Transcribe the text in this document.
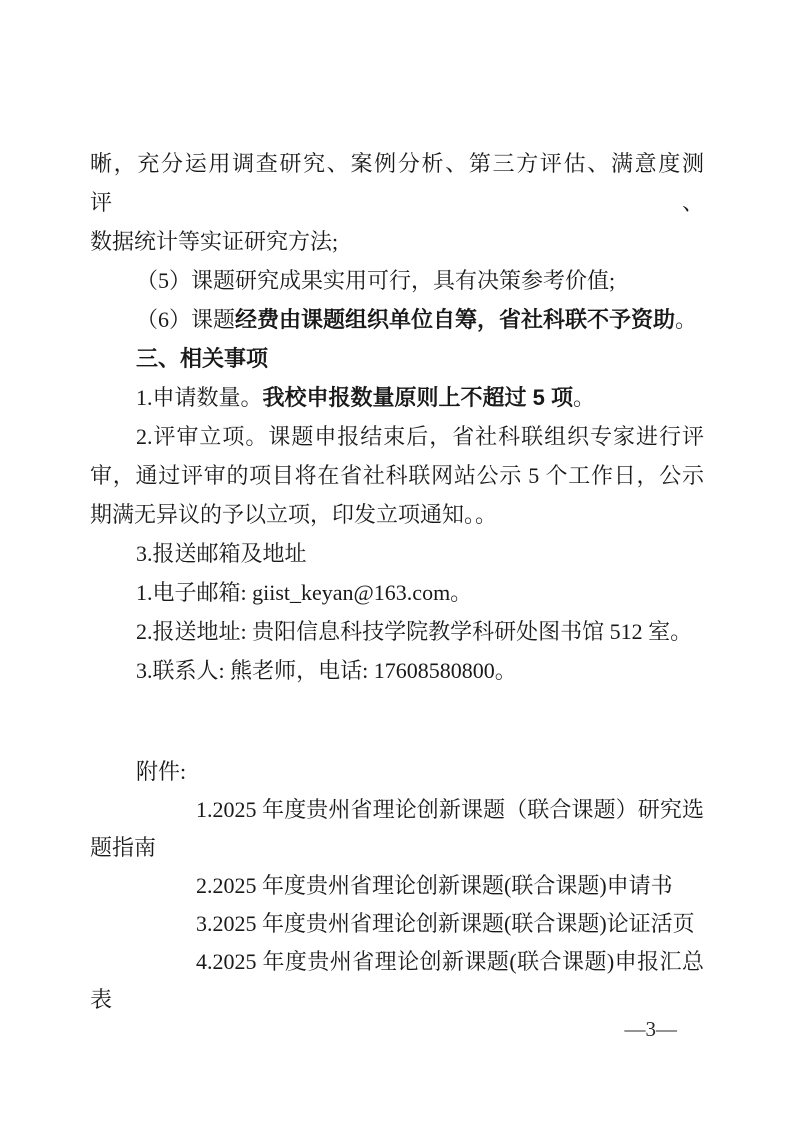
晰，充分运用调查研究、案例分析、第三方评估、满意度测评、
数据统计等实证研究方法;
（5）课题研究成果实用可行，具有决策参考价值;
（6）课题经费由课题组织单位自筹，省社科联不予资助。
三、相关事项
1.申请数量。我校申报数量原则上不超过 5 项。
2.评审立项。课题申报结束后，省社科联组织专家进行评
审，通过评审的项目将在省社科联网站公示 5 个工作日，公示
期满无异议的予以立项，印发立项通知。。
3.报送邮箱及地址
1.电子邮箱: giist_keyan@163.com。
2.报送地址: 贵阳信息科技学院教学科研处图书馆 512 室。
3.联系人: 熊老师，电话: 17608580800。
附件:
1.2025 年度贵州省理论创新课题（联合课题）研究选
题指南
2.2025 年度贵州省理论创新课题(联合课题)申请书
3.2025 年度贵州省理论创新课题(联合课题)论证活页
4.2025 年度贵州省理论创新课题(联合课题)申报汇总
表
—3—
